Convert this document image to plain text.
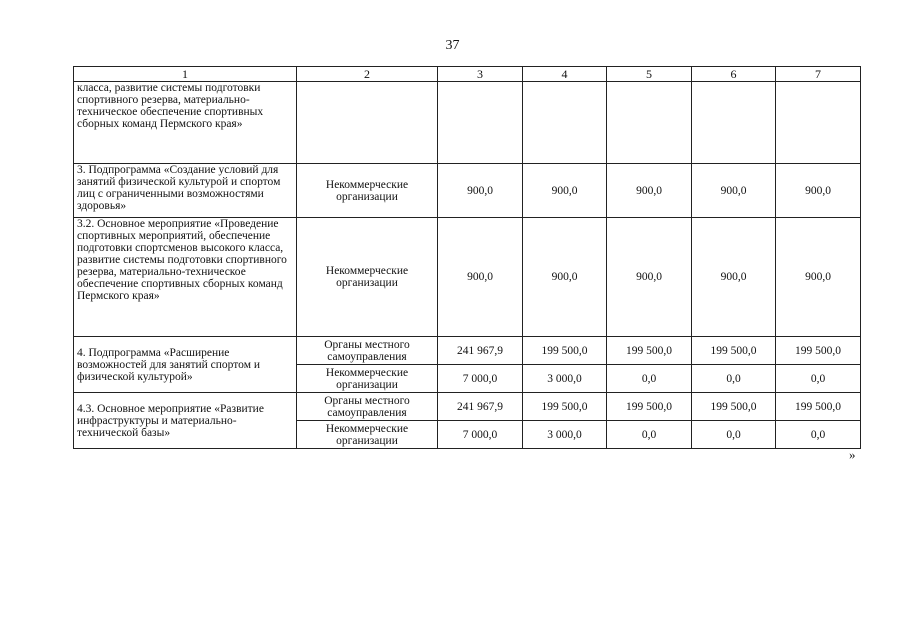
37
1	2	3	4	5	6	7
класса, развитие системы подготовки спортивного резерва, материально-техническое обеспечение спортивных сборных команд Пермского края»						
3. Подпрограмма «Создание условий для занятий физической культурой и спортом лиц с ограниченными возможностями здоровья»	Некоммерческие организации	900,0	900,0	900,0	900,0	900,0
3.2. Основное мероприятие «Проведение спортивных мероприятий, обеспечение подготовки спортсменов высокого класса, развитие системы подготовки спортивного резерва, материально-техническое обеспечение спортивных сборных команд Пермского края»	Некоммерческие организации	900,0	900,0	900,0	900,0	900,0
4. Подпрограмма «Расширение возможностей для занятий спортом и физической культурой»	Органы местного самоуправления	241 967,9	199 500,0	199 500,0	199 500,0	199 500,0
	Некоммерческие организации	7 000,0	3 000,0	0,0	0,0	0,0
4.3. Основное мероприятие «Развитие инфраструктуры и материально-технической базы»	Органы местного самоуправления	241 967,9	199 500,0	199 500,0	199 500,0	199 500,0
	Некоммерческие организации	7 000,0	3 000,0	0,0	0,0	0,0
»
